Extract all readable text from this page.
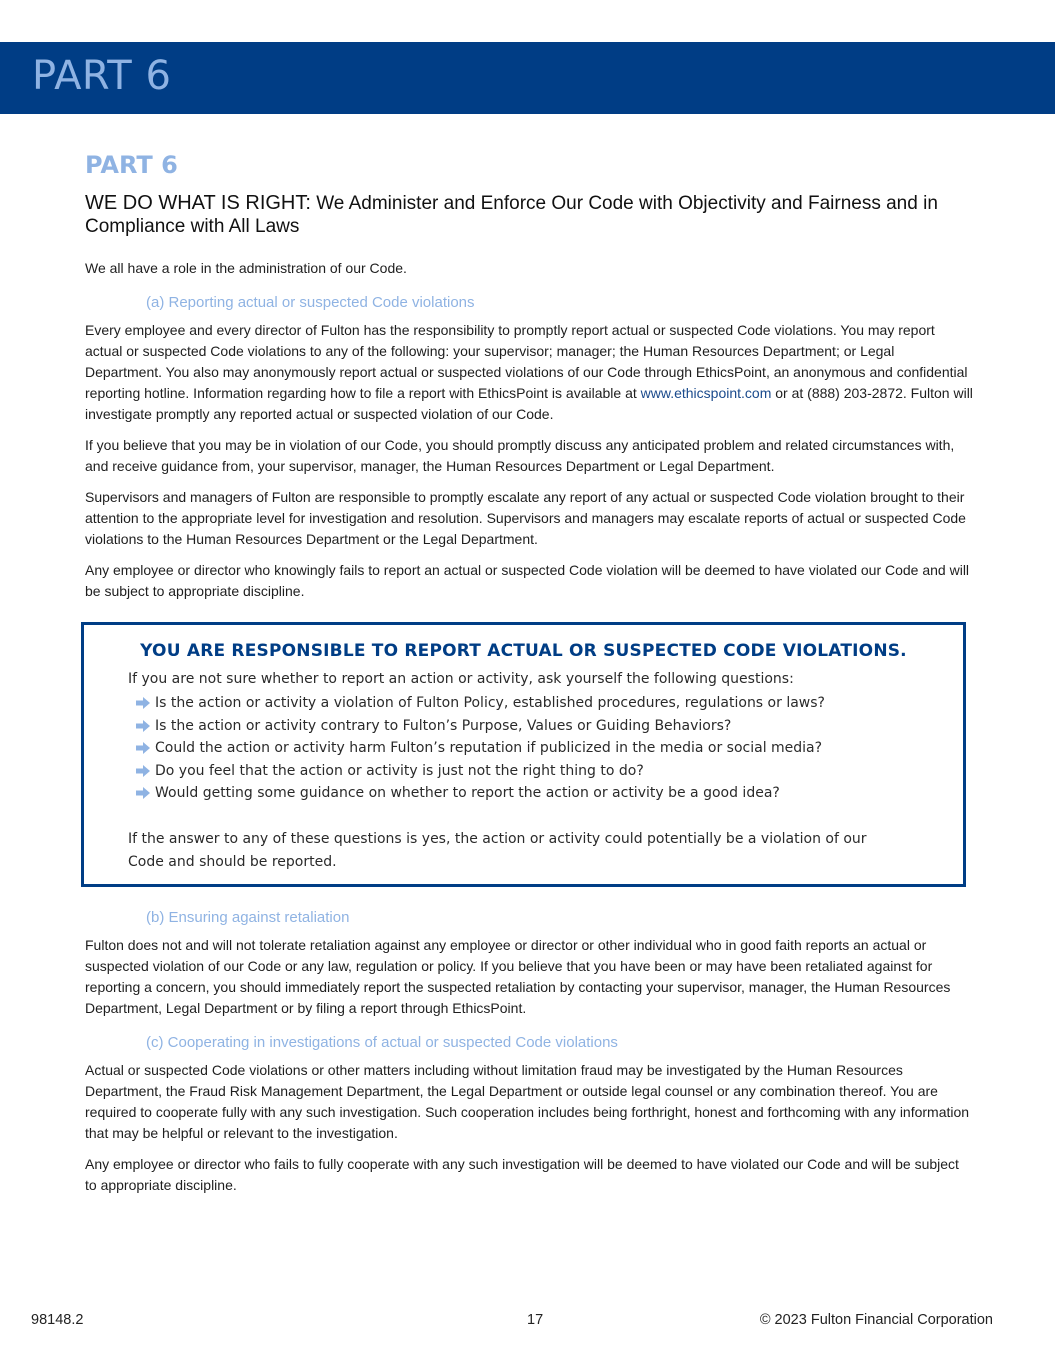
PART 6
PART 6
WE DO WHAT IS RIGHT: We Administer and Enforce Our Code with Objectivity and Fairness and in Compliance with All Laws

We all have a role in the administration of our Code.

(a) Reporting actual or suspected Code violations

Every employee and every director of Fulton has the responsibility to promptly report actual or suspected Code violations. You may report actual or suspected Code violations to any of the following: your supervisor; manager; the Human Resources Department; or Legal Department. You also may anonymously report actual or suspected violations of our Code through EthicsPoint, an anonymous and confidential reporting hotline. Information regarding how to file a report with EthicsPoint is available at www.ethicspoint.com or at (888) 203-2872. Fulton will investigate promptly any reported actual or suspected violation of our Code.

If you believe that you may be in violation of our Code, you should promptly discuss any anticipated problem and related circumstances with, and receive guidance from, your supervisor, manager, the Human Resources Department or Legal Department.

Supervisors and managers of Fulton are responsible to promptly escalate any report of any actual or suspected Code violation brought to their attention to the appropriate level for investigation and resolution. Supervisors and managers may escalate reports of actual or suspected Code violations to the Human Resources Department or the Legal Department.

Any employee or director who knowingly fails to report an actual or suspected Code violation will be deemed to have violated our Code and will be subject to appropriate discipline.

YOU ARE RESPONSIBLE TO REPORT ACTUAL OR SUSPECTED CODE VIOLATIONS.
If you are not sure whether to report an action or activity, ask yourself the following questions:
Is the action or activity a violation of Fulton Policy, established procedures, regulations or laws?
Is the action or activity contrary to Fulton’s Purpose, Values or Guiding Behaviors?
Could the action or activity harm Fulton’s reputation if publicized in the media or social media?
Do you feel that the action or activity is just not the right thing to do?
Would getting some guidance on whether to report the action or activity be a good idea?
If the answer to any of these questions is yes, the action or activity could potentially be a violation of our Code and should be reported.
(b) Ensuring against retaliation

Fulton does not and will not tolerate retaliation against any employee or director or other individual who in good faith reports an actual or suspected violation of our Code or any law, regulation or policy. If you believe that you have been or may have been retaliated against for reporting a concern, you should immediately report the suspected retaliation by contacting your supervisor, manager, the Human Resources Department, Legal Department or by filing a report through EthicsPoint.

(c) Cooperating in investigations of actual or suspected Code violations

Actual or suspected Code violations or other matters including without limitation fraud may be investigated by the Human Resources Department, the Fraud Risk Management Department, the Legal Department or outside legal counsel or any combination thereof. You are required to cooperate fully with any such investigation. Such cooperation includes being forthright, honest and forthcoming with any information that may be helpful or relevant to the investigation.

Any employee or director who fails to fully cooperate with any such investigation will be deemed to have violated our Code and will be subject to appropriate discipline.

98148.2	17	© 2023 Fulton Financial Corporation
